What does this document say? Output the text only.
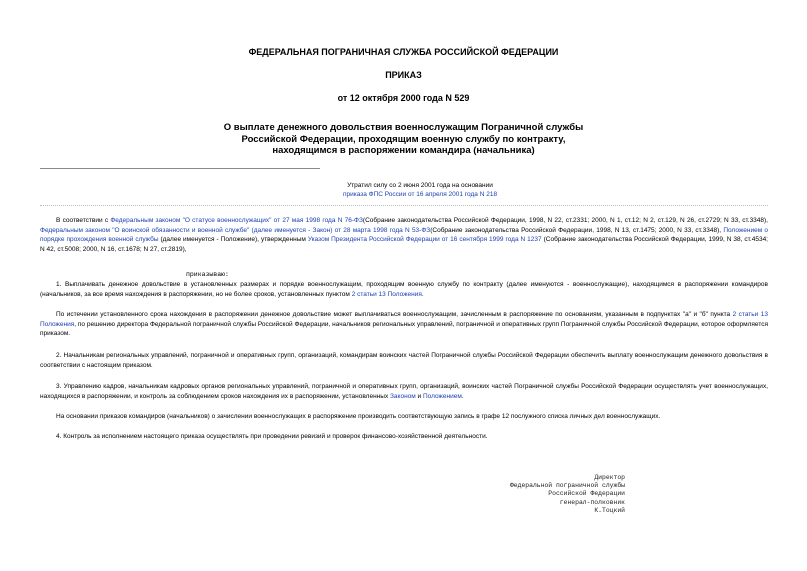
ФЕДЕРАЛЬНАЯ ПОГРАНИЧНАЯ СЛУЖБА РОССИЙСКОЙ ФЕДЕРАЦИИ
ПРИКАЗ
от 12 октября 2000 года N 529
О выплате денежного довольствия военнослужащим Пограничной службы
Российской Федерации, проходящим военную службу по контракту,
находящимся в распоряжении командира (начальника)
Утратил силу со 2 июня 2001 года на основании
приказа ФПС России от 16 апреля 2001 года N 218
В соответствии с Федеральным законом "О статусе военнослужащих" от 27 мая 1998 года N 76-ФЗ(Собрание законодательства Российской Федерации, 1998, N 22, ст.2331; 2000, N 1, ст.12; N 2, ст.129, N 26, ст.2729; N 33, ст.3348), Федеральным законом "О воинской обязанности и военной службе" (далее именуется - Закон) от 28 марта 1998 года N 53-ФЗ(Собрание законодательства Российской Федерации, 1998, N 13, ст.1475; 2000, N 33, ст.3348), Положением о порядке прохождения военной службы (далее именуется - Положение), утвержденным Указом Президента Российской Федерации от 16 сентября 1999 года N 1237 (Собрание законодательства Российской Федерации, 1999, N 38, ст.4534; N 42, ст.5008; 2000, N 16, ст.1678; N 27, ст.2819),
приказываю:
1. Выплачивать денежное довольствие в установленных размерах и порядке военнослужащим, проходящим военную службу по контракту (далее именуются - военнослужащие), находящимся в распоряжении командиров (начальников, за все время нахождения в распоряжении, но не более сроков, установленных пунктом 2 статьи 13 Положения.
По истечении установленного срока нахождения в распоряжении денежное довольствие может выплачиваться военнослужащим, зачисленным в распоряжение по основаниям, указанным в подпунктах "а" и "б" пункта 2 статьи 13 Положения, по решению директора Федеральной пограничной службы Российской Федерации, начальников региональных управлений, пограничной и оперативных групп Пограничной службы Российской Федерации, которое оформляется приказом.
2. Начальникам региональных управлений, пограничной и оперативных групп, организаций, командирам воинских частей Пограничной службы Российской Федерации обеспечить выплату военнослужащим денежного довольствия в соответствии с настоящим приказом.
3. Управлению кадров, начальникам кадровых органов региональных управлений, пограничной и оперативных групп, организаций, воинских частей Пограничной службы Российской Федерации осуществлять учет военнослужащих, находящихся в распоряжении, и контроль за соблюдением сроков нахождения их в распоряжении, установленных Законом и Положением.
На основании приказов командиров (начальников) о зачислении военнослужащих в распоряжение производить соответствующую запись в графе 12 послужного списка личных дел военнослужащих.
4. Контроль за исполнением настоящего приказа осуществлять при проведении ревизий и проверок финансово-хозяйственной деятельности.
Директор
Федеральной пограничной службы
Российской Федерации
генерал-полковник
К.Тоцкий
